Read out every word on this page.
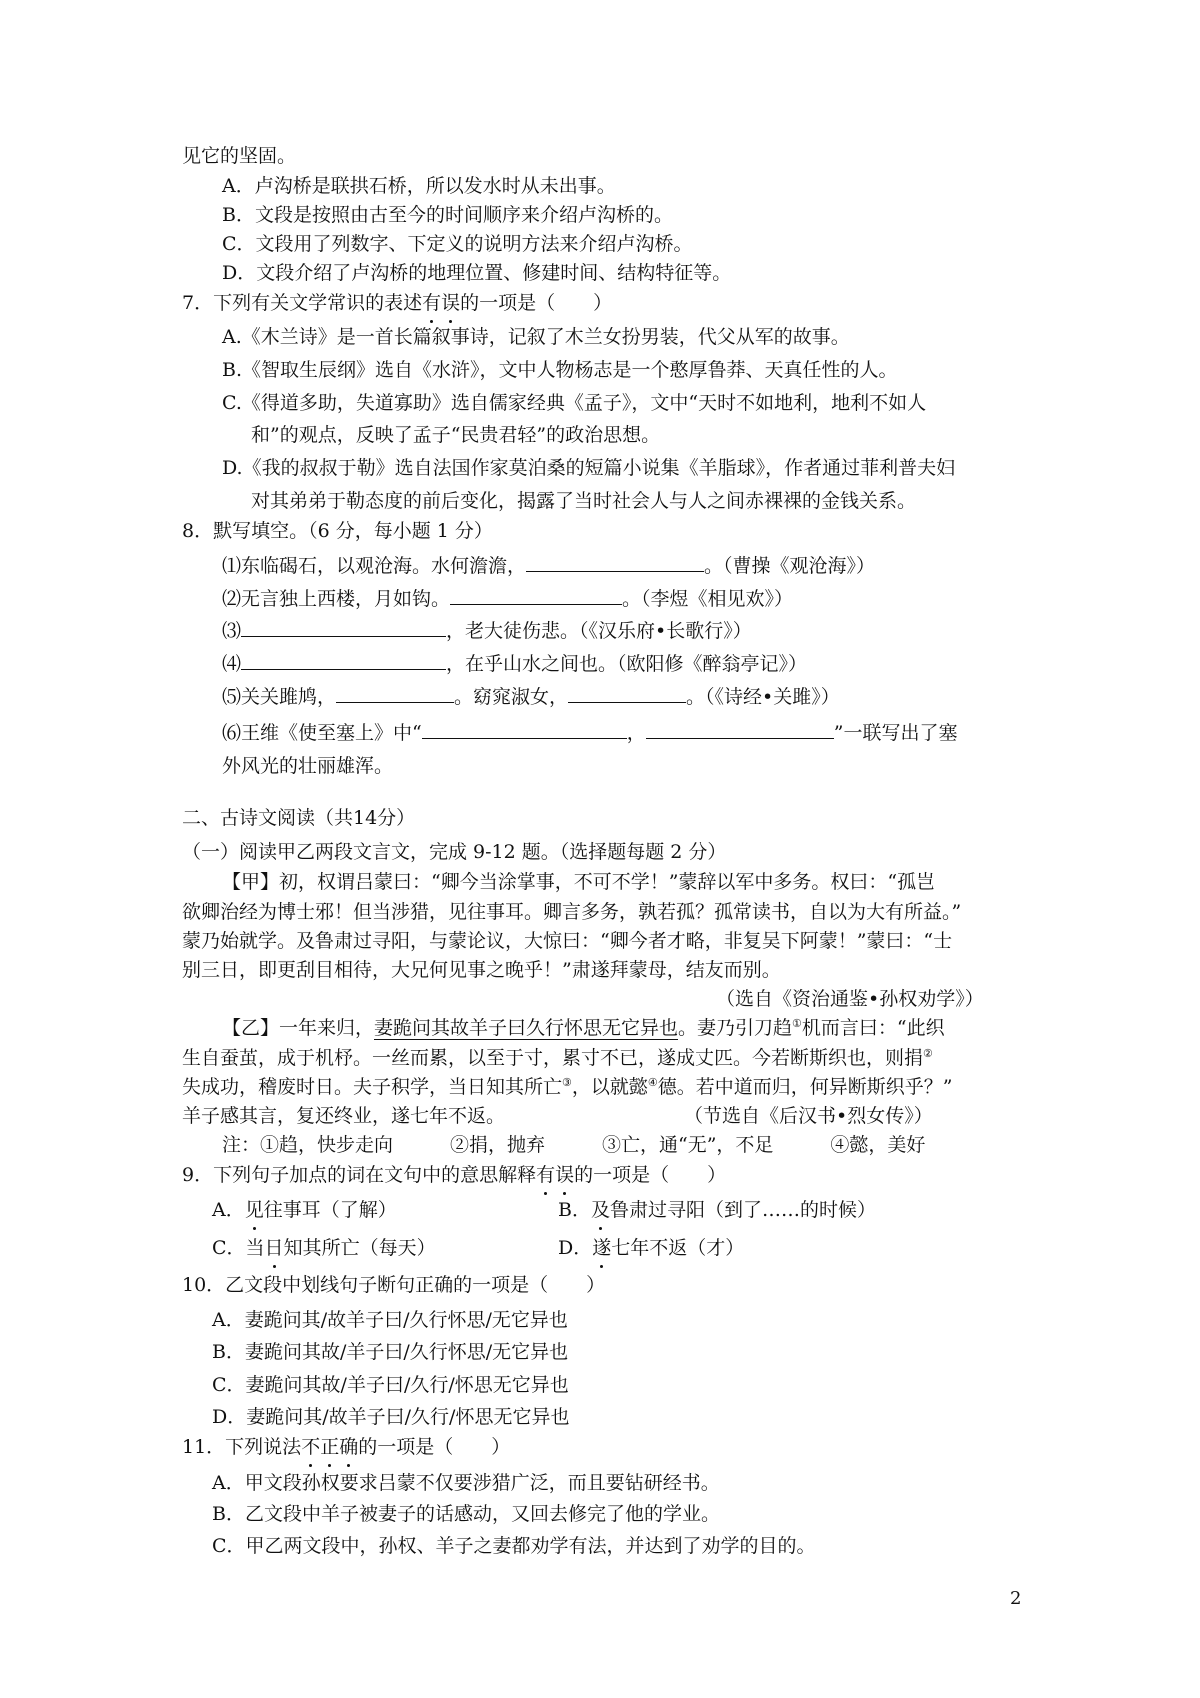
见它的坚固。
A．卢沟桥是联拱石桥，所以发水时从未出事。
B．文段是按照由古至今的时间顺序来介绍卢沟桥的。
C．文段用了列数字、下定义的说明方法来介绍卢沟桥。
D．文段介绍了卢沟桥的地理位置、修建时间、结构特征等。
7．下列有关文学常识的表述有误的一项是（　　）
A.《木兰诗》是一首长篇叙事诗，记叙了木兰女扮男装，代父从军的故事。
B.《智取生辰纲》选自《水浒》，文中人物杨志是一个憨厚鲁莽、天真任性的人。
C.《得道多助，失道寡助》选自儒家经典《孟子》，文中“天时不如地利，地利不如人
和”的观点，反映了孟子“民贵君轻”的政治思想。
D.《我的叔叔于勒》选自法国作家莫泊桑的短篇小说集《羊脂球》，作者通过菲利普夫妇
对其弟弟于勒态度的前后变化，揭露了当时社会人与人之间赤裸裸的金钱关系。
8．默写填空。（6 分，每小题 1 分）
⑴东临碣石，以观沧海。水何澹澹，	。（曹操《观沧海》）
⑵无言独上西楼，月如钩。	。（李煜《相见欢》）
⑶	，老大徒伤悲。（《汉乐府•长歌行》）
⑷	，在乎山水之间也。（欧阳修《醉翁亭记》）
⑸关关雎鸠，	。窈窕淑女，	。（《诗经•关雎》）
⑹王维《使至塞上》中“	，	”一联写出了塞
外风光的壮丽雄浑。
二、古诗文阅读（共14分）
（一）阅读甲乙两段文言文，完成 9-12 题。（选择题每题 2 分）
【甲】初，权谓吕蒙曰：“卿今当涂掌事，不可不学！”蒙辞以军中多务。权曰：“孤岂
欲卿治经为博士邪！但当涉猎，见往事耳。卿言多务，孰若孤？孤常读书，自以为大有所益。”
蒙乃始就学。及鲁肃过寻阳，与蒙论议，大惊曰：“卿今者才略，非复吴下阿蒙！”蒙曰：“士
别三日，即更刮目相待，大兄何见事之晚乎！”肃遂拜蒙母，结友而别。
（选自《资治通鉴•孙权劝学》）
【乙】一年来归，妻跪问其故羊子曰久行怀思无它异也。妻乃引刀趋①机而言曰：“此织
生自蚕茧，成于机杼。一丝而累，以至于寸，累寸不已，遂成丈匹。今若断斯织也，则捐②
失成功，稽废时日。夫子积学，当日知其所亡③，以就懿④德。若中道而归，何异断斯织乎？”
羊子感其言，复还终业，遂七年不返。	（节选自《后汉书•烈女传》）
注：①趋，快步走向　　　②捐，抛弃　　　③亡，通“无”，不足　　　④懿，美好
9．下列句子加点的词在文句中的意思解释有误的一项是（　　）
A．见往事耳（了解）	B．及鲁肃过寻阳（到了……的时候）
C．当日知其所亡（每天）	D．遂七年不返（才）
10．乙文段中划线句子断句正确的一项是（　　）
A．妻跪问其/故羊子曰/久行怀思/无它异也
B．妻跪问其故/羊子曰/久行怀思/无它异也
C．妻跪问其故/羊子曰/久行/怀思无它异也
D．妻跪问其/故羊子曰/久行/怀思无它异也
11．下列说法不正确的一项是（　　）
A．甲文段孙权要求吕蒙不仅要涉猎广泛，而且要钻研经书。
B．乙文段中羊子被妻子的话感动，又回去修完了他的学业。
C．甲乙两文段中，孙权、羊子之妻都劝学有法，并达到了劝学的目的。
2
